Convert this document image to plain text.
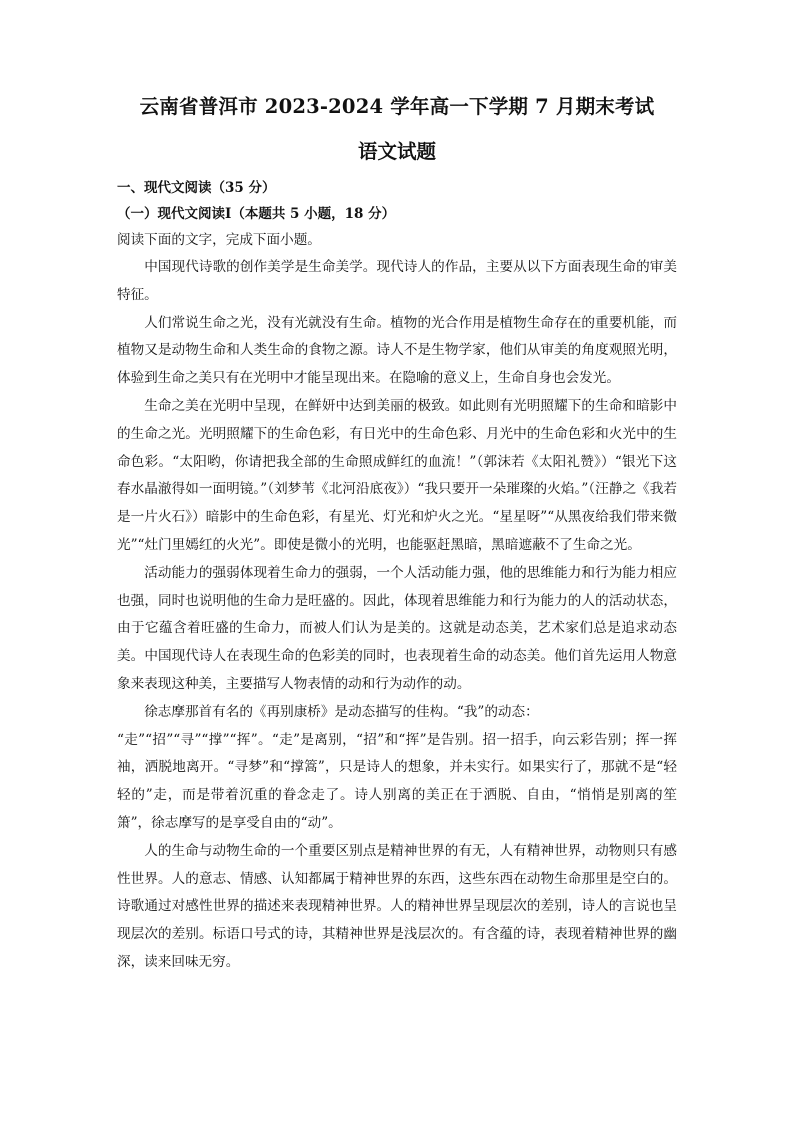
云南省普洱市 2023-2024 学年高一下学期 7 月期末考试
语文试题

一、现代文阅读（35 分）

（一）现代文阅读Ⅰ（本题共 5 小题，18 分）

阅读下面的文字，完成下面小题。

中国现代诗歌的创作美学是生命美学。现代诗人的作品，主要从以下方面表现生命的审美特征。

人们常说生命之光，没有光就没有生命。植物的光合作用是植物生命存在的重要机能，而植物又是动物生命和人类生命的食物之源。诗人不是生物学家，他们从审美的角度观照光明，体验到生命之美只有在光明中才能呈现出来。在隐喻的意义上，生命自身也会发光。

生命之美在光明中呈现，在鲜妍中达到美丽的极致。如此则有光明照耀下的生命和暗影中的生命之光。光明照耀下的生命色彩，有日光中的生命色彩、月光中的生命色彩和火光中的生命色彩。“太阳哟，你请把我全部的生命照成鲜红的血流！”（郭沫若《太阳礼赞》）“银光下这春水晶澈得如一面明镜。”（刘梦苇《北河沿底夜》）“我只要开一朵璀璨的火焰。”（汪静之《我若是一片火石》）暗影中的生命色彩，有星光、灯光和炉火之光。“星星呀”“从黑夜给我们带来微光”“灶门里嫣红的火光”。即使是微小的光明，也能驱赶黑暗，黑暗遮蔽不了生命之光。

活动能力的强弱体现着生命力的强弱，一个人活动能力强，他的思维能力和行为能力相应也强，同时也说明他的生命力是旺盛的。因此，体现着思维能力和行为能力的人的活动状态，由于它蕴含着旺盛的生命力，而被人们认为是美的。这就是动态美，艺术家们总是追求动态美。中国现代诗人在表现生命的色彩美的同时，也表现着生命的动态美。他们首先运用人物意象来表现这种美，主要描写人物表情的动和行为动作的动。

徐志摩那首有名的《再别康桥》是动态描写的佳构。“我”的动态：

“走”“招”“寻”“撑”“挥”。“走”是离别，“招”和“挥”是告别。招一招手，向云彩告别；挥一挥袖，洒脱地离开。“寻梦”和“撑篙”，只是诗人的想象，并未实行。如果实行了，那就不是“轻轻的”走，而是带着沉重的眷念走了。诗人别离的美正在于洒脱、自由，“悄悄是别离的笙箫”，徐志摩写的是享受自由的“动”。

人的生命与动物生命的一个重要区别点是精神世界的有无，人有精神世界，动物则只有感性世界。人的意志、情感、认知都属于精神世界的东西，这些东西在动物生命那里是空白的。诗歌通过对感性世界的描述来表现精神世界。人的精神世界呈现层次的差别，诗人的言说也呈现层次的差别。标语口号式的诗，其精神世界是浅层次的。有含蕴的诗，表现着精神世界的幽深，读来回味无穷。
